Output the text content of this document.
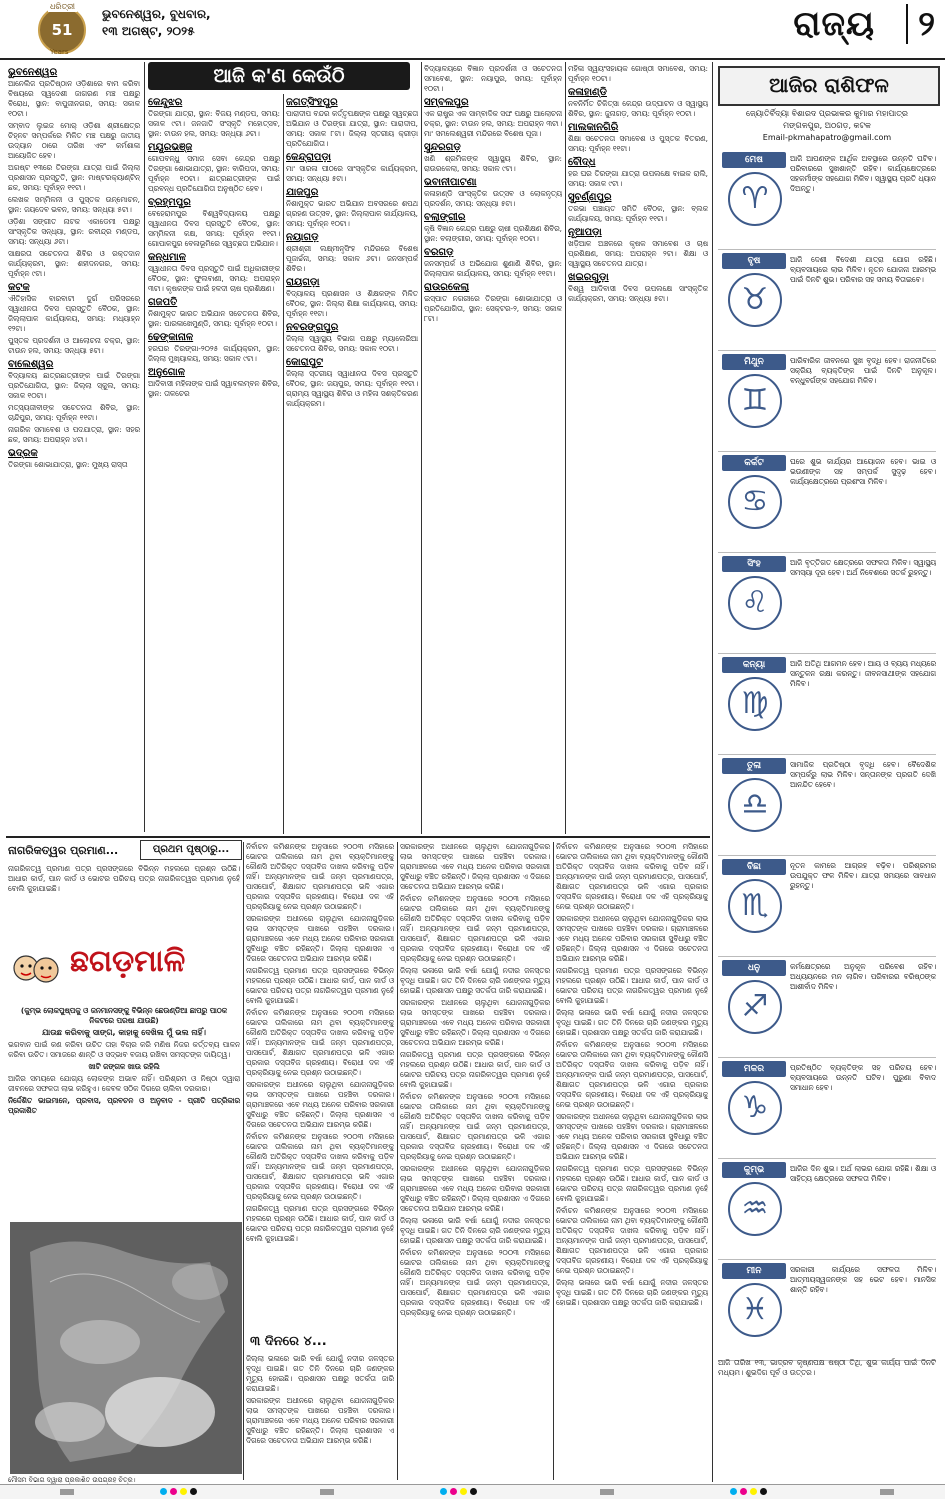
51
ଧରିତ୍ରୀ
Years
ଭୁବନେଶ୍ୱର, ବୁଧବାର,
୧୩ ଅଗଷ୍ଟ, ୨୦୨୫	ରାଜ୍ୟ	୨
ଆଜି କ'ଣ କେଉଁଠି
ଭୁବନେଶ୍ୱର

ଆନେଲିଜ ପ୍ରତିଷ୍ଠାନ ଓଡ଼ିଶାରେ ବାମ କରିବା ବିଷୟରେ ସ୍ୱଦେଶୀ ଜାଗରଣ ମଞ୍ଚ ପକ୍ଷରୁ ବିରୋଧ, ସ୍ଥାନ: ବାପୁଜୀନଗର, ସମୟ: ସକାଳ ୧୦ଟା।

ସମ୍ବାଦ ଲୁଇଜ ମୋର୍ ଓଡ଼ିଶା ଶ୍ରୀକ୍ଷେତ୍ର ଚିହ୍ନଟ ସମ୍ପର୍କରେ ମିଳିତ ମଞ୍ଚ ପକ୍ଷରୁ ଜାତୀୟ ଉଦ୍ୟାନ ଠାରେ ତାରିଖ ଏବଂ କର୍ମଶାଳା ଆୟୋଜିତ ହେବ।

ଅଗଷ୍ଟ ୧୩ରେ ତିରଙ୍ଗା ଯାତ୍ରା ପାଇଁ ଜିଲ୍ଲା ପ୍ରଶାସନ ପ୍ରସ୍ତୁତି, ସ୍ଥାନ: ମାଷ୍ଟରକ୍ୟାଣ୍ଟିନ୍ ଛକ, ସମୟ: ପୂର୍ବାହ୍ନ ୧୧ଟା।

ଲେଖକ ସମ୍ମିଳନୀ ଓ ପୁସ୍ତକ ଉନ୍ମୋଚନ, ସ୍ଥାନ: ଜୟଦେବ ଭବନ, ସମୟ: ସନ୍ଧ୍ୟା ୫ଟା।

ଓଡ଼ିଶା ସଙ୍ଗୀତ ନାଟକ ଏକାଡେମୀ ପକ୍ଷରୁ ସାଂସ୍କୃତିକ ସନ୍ଧ୍ୟା, ସ୍ଥାନ: ରବୀନ୍ଦ୍ର ମଣ୍ଡପ, ସମୟ: ସନ୍ଧ୍ୟା ୬ଟା।

ସାକ୍ଷରତା ସଚେତନତା ଶିବିର ଓ ରକ୍ତଦାନ କାର୍ଯ୍ୟକ୍ରମ, ସ୍ଥାନ: ଶହୀଦନଗର, ସମୟ: ପୂର୍ବାହ୍ନ ୯ଟା।

କଟକ

ଐତିହାସିକ ବାରବାଟୀ ଦୁର୍ଗ ପରିସରରେ ସ୍ୱାଧୀନତା ଦିବସ ପ୍ରସ୍ତୁତି ବୈଠକ, ସ୍ଥାନ: ଜିଲ୍ଲାପାଳ କାର୍ଯ୍ୟାଳୟ, ସମୟ: ମଧ୍ୟାହ୍ନ ୧୨ଟା।

ପୁସ୍ତକ ପ୍ରଦର୍ଶନୀ ଓ ଆଲୋଚନା ଚକ୍ର, ସ୍ଥାନ: ଟାଉନ ହଲ, ସମୟ: ସନ୍ଧ୍ୟା ୫ଟା।

ବାଲେଶ୍ୱର

ବିଦ୍ୟାଳୟ ଛାତ୍ରଛାତ୍ରୀଙ୍କ ପାଇଁ ତିରଙ୍ଗା ପ୍ରତିଯୋଗିତା, ସ୍ଥାନ: ଜିଲ୍ଲା ସ୍କୁଲ, ସମୟ: ସକାଳ ୧୦ଟା।

ମତ୍ସ୍ୟଜୀବୀଙ୍କ ସଚେତନତା ଶିବିର, ସ୍ଥାନ: ଚାନ୍ଦିପୁର, ସମୟ: ପୂର୍ବାହ୍ନ ୧୧ଟା।

ନାଗରିକ ସମାବେଶ ଓ ପଦଯାତ୍ରା, ସ୍ଥାନ: ସହର ଛକ, ସମୟ: ଅପରାହ୍ନ ୪ଟା।

ଭଦ୍ରକ

ତିରଙ୍ଗା ଶୋଭାଯାତ୍ରା, ସ୍ଥାନ: ମୁଖ୍ୟ ରାସ୍ତା

କେନ୍ଦୁଝର

ତିରଙ୍ଗା ଯାତ୍ରା, ସ୍ଥାନ: ବିଜୟ ମଣ୍ଡପ, ସମୟ: ସକାଳ ୯ଟା। ଜନଜାତି ସଂସ୍କୃତି ମହୋତ୍ସବ, ସ୍ଥାନ: ଟାଉନ ହଲ, ସମୟ: ସନ୍ଧ୍ୟା ୬ଟା।

ମୟୂରଭଞ୍ଜ

ଗୋପବନ୍ଧୁ ସମାଜ ସେବା କେନ୍ଦ୍ର ପକ୍ଷରୁ ତିରଙ୍ଗା ଶୋଭାଯାତ୍ରା, ସ୍ଥାନ: ବାରିପଦା, ସମୟ: ପୂର୍ବାହ୍ନ ୧୦ଟା। ଛାତ୍ରଛାତ୍ରୀଙ୍କ ପାଇଁ ପ୍ରବନ୍ଧ ପ୍ରତିଯୋଗିତା ଅନୁଷ୍ଠିତ ହେବ।

ବ୍ରହ୍ମପୁର

ବେହେରାମପୁର ବିଶ୍ୱବିଦ୍ୟାଳୟ ପକ୍ଷରୁ ସ୍ୱାଧୀନତା ଦିବସ ପ୍ରସ୍ତୁତି ବୈଠକ, ସ୍ଥାନ: ସମ୍ମିଳନୀ କକ୍ଷ, ସମୟ: ପୂର୍ବାହ୍ନ ୧୧ଟା। ଗୋପାଳପୁର ବେଳାଭୂମିରେ ସ୍ୱଚ୍ଛତା ଅଭିଯାନ।

କନ୍ଧମାଳ

ସ୍ୱାଧୀନତା ଦିବସ ପ୍ରସ୍ତୁତି ପାଇଁ ଅଧିକାରୀଙ୍କ ବୈଠକ, ସ୍ଥାନ: ଫୁଲବାଣୀ, ସମୟ: ଅପରାହ୍ନ ୩ଟା। କୃଷକଙ୍କ ପାଇଁ ହଳଦୀ ଚାଷ ପ୍ରଶିକ୍ଷଣ।

ଗଜପତି

ନିଶାମୁକ୍ତ ଭାରତ ଅଭିଯାନ ସଚେତନତା ଶିବିର, ସ୍ଥାନ: ପାରଳାଖେମୁଣ୍ଡି, ସମୟ: ପୂର୍ବାହ୍ନ ୧୦ଟା।

ଢେଙ୍କାନାଳ

ହରଘର ତିରଙ୍ଗା-୨୦୨୫ କାର୍ଯ୍ୟକ୍ରମ, ସ୍ଥାନ: ଜିଲ୍ଲା ମୁଖ୍ୟାଳୟ, ସମୟ: ସକାଳ ୯ଟା।

ଅନୁଗୋଳ

ଆଦିବାସୀ ମହିଳାଙ୍କ ପାଇଁ ସ୍ୱାବଲମ୍ବନ ଶିବିର, ସ୍ଥାନ: ତାଳଚେର

ଜଗତ୍‌ସିଂହପୁର

ପାରାଦୀପ ବନ୍ଦର କର୍ତ୍ତୃପକ୍ଷଙ୍କ ପକ୍ଷରୁ ସ୍ୱଚ୍ଛତା ଅଭିଯାନ ଓ ତିରଙ୍ଗା ଯାତ୍ରା, ସ୍ଥାନ: ପାରାଦୀପ, ସମୟ: ସକାଳ ୮ଟା। ଜିଲ୍ଲା ସ୍ତରୀୟ କ୍ରୀଡ଼ା ପ୍ରତିଯୋଗିତା।

କେନ୍ଦ୍ରାପଡ଼ା

ମା' ସାରଳା ପୀଠରେ ସାଂସ୍କୃତିକ କାର୍ଯ୍ୟକ୍ରମ, ସମୟ: ସନ୍ଧ୍ୟା ୫ଟା।

ଯାଜପୁର

ନିଶାମୁକ୍ତ ଭାରତ ଅଭିଯାନ ଅବସରରେ ଶପଥ ଗ୍ରହଣ ଉତ୍ସବ, ସ୍ଥାନ: ଜିଲ୍ଲାପାଳ କାର୍ଯ୍ୟାଳୟ, ସମୟ: ପୂର୍ବାହ୍ନ ୧୦ଟା।

ନୟାଗଡ଼

ଶ୍ରୀଶ୍ରୀ ଲକ୍ଷ୍ମୀନୃସିଂହ ମନ୍ଦିରରେ ବିଶେଷ ପୂଜାର୍ଚ୍ଚନା, ସମୟ: ସକାଳ ୬ଟା। ଜନସମ୍ପର୍କ ଶିବିର।

ରାୟଗଡ଼ା

ବିଦ୍ୟାଳୟ ପ୍ରଶାସନ ଓ ଶିକ୍ଷକଙ୍କ ମିଳିତ ବୈଠକ, ସ୍ଥାନ: ଜିଲ୍ଲା ଶିକ୍ଷା କାର୍ଯ୍ୟାଳୟ, ସମୟ: ପୂର୍ବାହ୍ନ ୧୧ଟା।

ନବରଙ୍ଗପୁର

ଜିଲ୍ଲା ସ୍ୱାସ୍ଥ୍ୟ ବିଭାଗ ପକ୍ଷରୁ ମ୍ୟାଲେରିଆ ସଚେତନତା ଶିବିର, ସମୟ: ସକାଳ ୧୦ଟା।

କୋରାପୁଟ

ଜିଲ୍ଲା ସ୍ତରୀୟ ସ୍ୱାଧୀନତା ଦିବସ ପ୍ରସ୍ତୁତି ବୈଠକ, ସ୍ଥାନ: ଜୟପୁର, ସମୟ: ପୂର୍ବାହ୍ନ ୧୧ଟା। ଗ୍ରାମ୍ୟ ସ୍ୱାସ୍ଥ୍ୟ ଶିବିର ଓ ମହିଳା ସଶକ୍ତିକରଣ କାର୍ଯ୍ୟକ୍ରମ।

ବିଦ୍ୟାଳୟରେ ବିଜ୍ଞାନ ପ୍ରଦର୍ଶନୀ ଓ ସଚେତନତା ସମାବେଶ, ସ୍ଥାନ: ନୟାପୁର, ସମୟ: ପୂର୍ବାହ୍ନ ୧୦ଟା।

ସମ୍ବଲପୁର

ଏକ ରାଷ୍ଟ୍ର ଏକ ସାମ୍ବାଦିକ ସଙ୍ଘ ପକ୍ଷରୁ ଆଲୋଚନା ଚକ୍ର, ସ୍ଥାନ: ଟାଉନ ହଲ, ସମୟ: ଅପରାହ୍ନ ୩ଟା। ମା' ସମଲେଶ୍ୱରୀ ମନ୍ଦିରରେ ବିଶେଷ ପୂଜା।

ସୁନ୍ଦରଗଡ଼

ଖଣି ଶ୍ରମିକଙ୍କ ସ୍ୱାସ୍ଥ୍ୟ ଶିବିର, ସ୍ଥାନ: ରାଉରକେଲା, ସମୟ: ସକାଳ ୯ଟା।

ଭବାନୀପାଟଣା

କଳାହାଣ୍ଡି ସାଂସ୍କୃତିକ ଉତ୍ସବ ଓ ଲୋକନୃତ୍ୟ ପ୍ରଦର୍ଶନ, ସମୟ: ସନ୍ଧ୍ୟା ୫ଟା।

ବଲାଙ୍ଗୀର

କୃଷି ବିଜ୍ଞାନ କେନ୍ଦ୍ର ପକ୍ଷରୁ ଚାଷୀ ପ୍ରଶିକ୍ଷଣ ଶିବିର, ସ୍ଥାନ: ବଲାଙ୍ଗୀର, ସମୟ: ପୂର୍ବାହ୍ନ ୧୦ଟା।

ବରଗଡ଼

ଜନସମ୍ପର୍କ ଓ ଅଭିଯୋଗ ଶୁଣାଣି ଶିବିର, ସ୍ଥାନ: ଜିଲ୍ଲାପାଳ କାର୍ଯ୍ୟାଳୟ, ସମୟ: ପୂର୍ବାହ୍ନ ୧୧ଟା।

ରାଉରକେଲା

ଇସ୍ପାତ ନଗରୀରେ ତିରଙ୍ଗା ଶୋଭାଯାତ୍ରା ଓ ପ୍ରତିଯୋଗିତା, ସ୍ଥାନ: ସେକ୍ଟର-୨, ସମୟ: ସକାଳ ୮ଟା।

ମହିଳା ସ୍ୱୟଂସହାୟକ ଗୋଷ୍ଠୀ ସମାବେଶ, ସମୟ: ପୂର୍ବାହ୍ନ ୧୦ଟା।

କଳାହାଣ୍ଡି

ନବନିର୍ମିତ ଚିକିତ୍ସା କେନ୍ଦ୍ର ଉଦ୍‌ଘାଟନ ଓ ସ୍ୱାସ୍ଥ୍ୟ ଶିବିର, ସ୍ଥାନ: ଜୁନାଗଡ଼, ସମୟ: ପୂର୍ବାହ୍ନ ୧୦ଟା।

ମାଲକାନଗିରି

ଶିକ୍ଷା ସଚେତନତା ସମାବେଶ ଓ ପୁସ୍ତକ ବିତରଣ, ସମୟ: ପୂର୍ବାହ୍ନ ୧୧ଟା।

ବୌଦ୍ଧ

ହର ଘର ତିରଙ୍ଗା ଯାତ୍ରା ଉପଲକ୍ଷେ ବାଇକ ରାଲି, ସମୟ: ସକାଳ ୯ଟା।

ସୁବର୍ଣ୍ଣପୁର

ତରଭା ପଞ୍ଚାୟତ ସମିତି ବୈଠକ, ସ୍ଥାନ: ବ୍ଲକ କାର୍ଯ୍ୟାଳୟ, ସମୟ: ପୂର୍ବାହ୍ନ ୧୧ଟା।

ନୂଆପଡ଼ା

ଖଡ଼ିଆଳ ଅଞ୍ଚଳରେ କୃଷକ ସମାବେଶ ଓ ଚାଷ ପ୍ରଶିକ୍ଷଣ, ସମୟ: ଅପରାହ୍ନ ୨ଟା। ଶିକ୍ଷା ଓ ସ୍ୱାସ୍ଥ୍ୟ ସଚେତନତା ଯାତ୍ରା।

ଖଇରଗୁଡ଼ା

ବିଶ୍ୱ ଆଦିବାସୀ ଦିବସ ଉପଲକ୍ଷେ ସାଂସ୍କୃତିକ କାର୍ଯ୍ୟକ୍ରମ, ସମୟ: ସନ୍ଧ୍ୟା ୫ଟା।

ଆଜିର ରାଶିଫଳ
ଜ୍ୟୋତିର୍ବିଦ୍ୟା ବିଶାରଦ ପ୍ରଭାକର କୁମାର ମହାପାତ୍ର
ମଙ୍ଗଳପୁର, ଅଠଗଡ଼, କଟକ
Email-pkmahapatro@gmail.com
ମେଷ
♈
ଆଜି ଆପଣଙ୍କ ଆର୍ଥିକ ଅବସ୍ଥାରେ ଉନ୍ନତି ଘଟିବ। ପରିବାରରେ ସୁଖଶାନ୍ତି ରହିବ। କାର୍ଯ୍ୟକ୍ଷେତ୍ରରେ ସହକର୍ମୀଙ୍କ ସହଯୋଗ ମିଳିବ। ସ୍ୱାସ୍ଥ୍ୟ ପ୍ରତି ଧ୍ୟାନ ଦିଅନ୍ତୁ।
ବୃଷ
♉
ଆଜି ଦେଶୀ ବିଦେଶୀ ଯାତ୍ରା ଯୋଗ ରହିଛି। ବ୍ୟବସାୟରେ ଲାଭ ମିଳିବ। ନୂତନ ଯୋଜନା ଆରମ୍ଭ ପାଇଁ ଦିନଟି ଶୁଭ। ପରିବାର ସହ ସମୟ ବିତାଇବେ।
ମିଥୁନ
♊
ପାରିବାରିକ ଜୀବନରେ ସୁଖ ବୃଦ୍ଧି ହେବ। ରାଜନୀତିରେ ସକ୍ରିୟ ବ୍ୟକ୍ତିଙ୍କ ପାଇଁ ଦିନଟି ଅନୁକୂଳ। ବନ୍ଧୁବର୍ଗଙ୍କ ସହଯୋଗ ମିଳିବ।
କର୍କଟ
♋
ଘରେ ଶୁଭ କାର୍ଯ୍ୟର ଆୟୋଜନ ହେବ। ଭାଇ ଓ ଭଉଣୀଙ୍କ ସହ ସମ୍ପର୍କ ସୁଦୃଢ଼ ହେବ। କାର୍ଯ୍ୟକ୍ଷେତ୍ରରେ ପ୍ରଶଂସା ମିଳିବ।
ସିଂହ
♌
ଆଜି ବୃତ୍ତିଗତ କ୍ଷେତ୍ରରେ ସଫଳତା ମିଳିବ। ସ୍ୱାସ୍ଥ୍ୟ ସମସ୍ୟା ଦୂର ହେବ। ଅର୍ଥ ନିବେଶରେ ସତର୍କ ରୁହନ୍ତୁ।
କନ୍ୟା
♍
ଆଜି ଅତିଥି ଆଗମନ ହେବ। ଆୟ ଓ ବ୍ୟୟ ମଧ୍ୟରେ ସନ୍ତୁଳନ ରକ୍ଷା କରନ୍ତୁ। ଜୀବନସାଥୀଙ୍କ ସହଯୋଗ ମିଳିବ।
ତୁଳା
♎
ସାମାଜିକ ପ୍ରତିଷ୍ଠା ବୃଦ୍ଧି ହେବ। ବୈଦେଶିକ ସମ୍ପର୍କରୁ ଲାଭ ମିଳିବ। ସନ୍ତାନଙ୍କ ପ୍ରଗତି ଦେଖି ଆନନ୍ଦିତ ହେବେ।
ବିଛା
♏
ନୂତନ କାମରେ ଆଗ୍ରହ ବଢ଼ିବ। ପରିଶ୍ରମର ଉପଯୁକ୍ତ ଫଳ ମିଳିବ। ଯାତ୍ରା ସମୟରେ ସାବଧାନ ରୁହନ୍ତୁ।
ଧନୁ
♐
କର୍ମକ୍ଷେତ୍ରରେ ଅନୁକୂଳ ପରିବେଶ ରହିବ। ଅଧ୍ୟୟନରେ ମନ ଲାଗିବ। ପରିବାରର ବରିଷ୍ଠଙ୍କ ଆଶୀର୍ବାଦ ମିଳିବ।
ମକର
♑
ପ୍ରତିଷ୍ଠିତ ବ୍ୟକ୍ତିଙ୍କ ସହ ପରିଚୟ ହେବ। ବ୍ୟବସାୟରେ ଉନ୍ନତି ଘଟିବ। ପୁରୁଣା ବିବାଦ ସମାଧାନ ହେବ।
କୁମ୍ଭ
♒
ଆଜିର ଦିନ ଶୁଭ। ଅର୍ଥ ଲାଭର ଯୋଗ ରହିଛି। ଶିକ୍ଷା ଓ ସାହିତ୍ୟ କ୍ଷେତ୍ରରେ ସଫଳତା ମିଳିବ।
ମୀନ
♓
ସରକାରୀ କାର୍ଯ୍ୟରେ ସଫଳତା ମିଳିବ। ଆତ୍ମୀୟସ୍ୱଜନଙ୍କ ସହ ଭେଟ ହେବ। ମାନସିକ ଶାନ୍ତି ରହିବ।

ଆଜି ତାରିଖ ୧୩, ଭାଦ୍ରବ କୃଷ୍ଣପକ୍ଷ ଷଷ୍ଠୀ ତିଥି, ଶୁଭ କାର୍ଯ୍ୟ ପାଇଁ ଦିନଟି ମଧ୍ୟମ। ଶୁଭଦିଗ ପୂର୍ବ ଓ ଉତ୍ତର।

ନାଗରିକତ୍ୱର ପ୍ରମାଣ...	ପ୍ରଥମ ପୃଷ୍ଠାରୁ...

ନାଗରିକତ୍ୱ ପ୍ରମାଣ ପତ୍ର ପ୍ରସଙ୍ଗରେ ବିଭିନ୍ନ ମହଲରେ ପ୍ରଶ୍ନ ଉଠିଛି। ଆଧାର କାର୍ଡ, ପାନ କାର୍ଡ ଓ ଭୋଟର ପରିଚୟ ପତ୍ର ନାଗରିକତ୍ୱର ପ୍ରମାଣ ନୁହେଁ ବୋଲି କୁହାଯାଇଛି।

ଛଗଡ଼ମାଳି

(କୁମ୍ଭ ଲୋକପୁଷ୍ପକୁ ଓ ଜନମାନସଙ୍କୁ ବିଭିନ୍ନ ଛେଉଣ୍ଡିଆ ଛାପରୁ ପାଠକ ନିକଟରେ ପରଷା ଯାଉଛି)

ଯାଉଛ କରିବାକୁ ସାଙ୍ଗ, କାହାକୁ ଦେଖିଲ ମୁଁ ଭଲ ନାହିଁ।

ଭଗବାନ ପାଇଁ କଣ କରିବା ଉଚିତ ତାହା ବିଚାର କରି ମଣିଷ ନିଜର କର୍ତ୍ତବ୍ୟ ପାଳନ କରିବା ଉଚିତ। ସମାଜରେ ଶାନ୍ତି ଓ ସଦ୍‌ଭାବ ବଜାୟ ରଖିବା ସମସ୍ତଙ୍କ ଦାୟିତ୍ୱ।

ଖାଟି ଜଙ୍ଗଳ ଖାଉ ରହିଲି

ଆଜିର ସମୟରେ ଯୋଗ୍ୟ ଲୋକଙ୍କ ଅଭାବ ନାହିଁ। ପରିଶ୍ରମ ଓ ନିଷ୍ଠା ଦ୍ୱାରା ଜୀବନରେ ସଫଳତା ଲାଭ କରିହୁଏ। କେବଳ ସଠିକ ଦିଗରେ ଚାଲିବା ଦରକାର।

ନିର୍ଦ୍ଦେଶିତ ଭାଇମାନେ, ପ୍ରବାସ, ପ୍ରବଚନ ଓ ଅନୁବାଦ - ପ୍ରୀତି ପତ୍ରିକାର ପ୍ରକାଶିତ

ମୌସମ ବିଭାଗ ଦ୍ୱାରା ପ୍ରକାଶିତ ଉପଗ୍ରହ ଚିତ୍ର।

ନିର୍ବାଚନ କମିଶନଙ୍କ ଅନୁସାରେ ୨୦୦୩ ମସିହାରେ ଭୋଟର ତାଲିକାରେ ନାମ ଥିବା ବ୍ୟକ୍ତିମାନଙ୍କୁ କୌଣସି ଅତିରିକ୍ତ ଦସ୍ତାବିଜ ଦାଖଲ କରିବାକୁ ପଡ଼ିବ ନାହିଁ। ଅନ୍ୟମାନଙ୍କ ପାଇଁ ଜନ୍ମ ପ୍ରମାଣପତ୍ର, ପାସପୋର୍ଟ, ଶିକ୍ଷାଗତ ପ୍ରମାଣପତ୍ର ଭଳି ଏଗାର ପ୍ରକାର ଦସ୍ତାବିଜ ଗ୍ରହଣୀୟ। ବିରୋଧୀ ଦଳ ଏହି ପ୍ରକ୍ରିୟାକୁ ନେଇ ପ୍ରଶ୍ନ ଉଠାଇଛନ୍ତି।

ସରକାରଙ୍କ ଅଧୀନରେ ଚାଲୁଥିବା ଯୋଜନାଗୁଡ଼ିକର ଲାଭ ସମସ୍ତଙ୍କ ପାଖରେ ପହଞ୍ଚିବା ଦରକାର। ଗ୍ରାମାଞ୍ଚଳରେ ଏବେ ମଧ୍ୟ ଅନେକ ପରିବାର ସରକାରୀ ସୁବିଧାରୁ ବଞ୍ଚିତ ରହିଛନ୍ତି। ଜିଲ୍ଲା ପ୍ରଶାସନ ଏ ଦିଗରେ ସଚେତନତା ଅଭିଯାନ ଆରମ୍ଭ କରିଛି।

ନାଗରିକତ୍ୱ ପ୍ରମାଣ ପତ୍ର ପ୍ରସଙ୍ଗରେ ବିଭିନ୍ନ ମହଲରେ ପ୍ରଶ୍ନ ଉଠିଛି। ଆଧାର କାର୍ଡ, ପାନ କାର୍ଡ ଓ ଭୋଟର ପରିଚୟ ପତ୍ର ନାଗରିକତ୍ୱର ପ୍ରମାଣ ନୁହେଁ ବୋଲି କୁହାଯାଇଛି।

ନିର୍ବାଚନ କମିଶନଙ୍କ ଅନୁସାରେ ୨୦୦୩ ମସିହାରେ ଭୋଟର ତାଲିକାରେ ନାମ ଥିବା ବ୍ୟକ୍ତିମାନଙ୍କୁ କୌଣସି ଅତିରିକ୍ତ ଦସ୍ତାବିଜ ଦାଖଲ କରିବାକୁ ପଡ଼ିବ ନାହିଁ। ଅନ୍ୟମାନଙ୍କ ପାଇଁ ଜନ୍ମ ପ୍ରମାଣପତ୍ର, ପାସପୋର୍ଟ, ଶିକ୍ଷାଗତ ପ୍ରମାଣପତ୍ର ଭଳି ଏଗାର ପ୍ରକାର ଦସ୍ତାବିଜ ଗ୍ରହଣୀୟ। ବିରୋଧୀ ଦଳ ଏହି ପ୍ରକ୍ରିୟାକୁ ନେଇ ପ୍ରଶ୍ନ ଉଠାଇଛନ୍ତି।

ସରକାରଙ୍କ ଅଧୀନରେ ଚାଲୁଥିବା ଯୋଜନାଗୁଡ଼ିକର ଲାଭ ସମସ୍ତଙ୍କ ପାଖରେ ପହଞ୍ଚିବା ଦରକାର। ଗ୍ରାମାଞ୍ଚଳରେ ଏବେ ମଧ୍ୟ ଅନେକ ପରିବାର ସରକାରୀ ସୁବିଧାରୁ ବଞ୍ଚିତ ରହିଛନ୍ତି। ଜିଲ୍ଲା ପ୍ରଶାସନ ଏ ଦିଗରେ ସଚେତନତା ଅଭିଯାନ ଆରମ୍ଭ କରିଛି।

ନିର୍ବାଚନ କମିଶନଙ୍କ ଅନୁସାରେ ୨୦୦୩ ମସିହାରେ ଭୋଟର ତାଲିକାରେ ନାମ ଥିବା ବ୍ୟକ୍ତିମାନଙ୍କୁ କୌଣସି ଅତିରିକ୍ତ ଦସ୍ତାବିଜ ଦାଖଲ କରିବାକୁ ପଡ଼ିବ ନାହିଁ। ଅନ୍ୟମାନଙ୍କ ପାଇଁ ଜନ୍ମ ପ୍ରମାଣପତ୍ର, ପାସପୋର୍ଟ, ଶିକ୍ଷାଗତ ପ୍ରମାଣପତ୍ର ଭଳି ଏଗାର ପ୍ରକାର ଦସ୍ତାବିଜ ଗ୍ରହଣୀୟ। ବିରୋଧୀ ଦଳ ଏହି ପ୍ରକ୍ରିୟାକୁ ନେଇ ପ୍ରଶ୍ନ ଉଠାଇଛନ୍ତି।

ନାଗରିକତ୍ୱ ପ୍ରମାଣ ପତ୍ର ପ୍ରସଙ୍ଗରେ ବିଭିନ୍ନ ମହଲରେ ପ୍ରଶ୍ନ ଉଠିଛି। ଆଧାର କାର୍ଡ, ପାନ କାର୍ଡ ଓ ଭୋଟର ପରିଚୟ ପତ୍ର ନାଗରିକତ୍ୱର ପ୍ରମାଣ ନୁହେଁ ବୋଲି କୁହାଯାଇଛି।

୩ ଦିନରେ ୪...

ଜିଲ୍ଲା ଭଳାରେ ଭାରି ବର୍ଷା ଯୋଗୁଁ ନଦୀର ଜଳସ୍ତର ବୃଦ୍ଧି ପାଇଛି। ଗତ ତିନି ଦିନରେ ଚାରି ଜଣଙ୍କର ମୃତ୍ୟୁ ହୋଇଛି। ପ୍ରଶାସନ ପକ୍ଷରୁ ସତର୍କତା ଜାରି କରାଯାଇଛି।

ସରକାରଙ୍କ ଅଧୀନରେ ଚାଲୁଥିବା ଯୋଜନାଗୁଡ଼ିକର ଲାଭ ସମସ୍ତଙ୍କ ପାଖରେ ପହଞ୍ଚିବା ଦରକାର। ଗ୍ରାମାଞ୍ଚଳରେ ଏବେ ମଧ୍ୟ ଅନେକ ପରିବାର ସରକାରୀ ସୁବିଧାରୁ ବଞ୍ଚିତ ରହିଛନ୍ତି। ଜିଲ୍ଲା ପ୍ରଶାସନ ଏ ଦିଗରେ ସଚେତନତା ଅଭିଯାନ ଆରମ୍ଭ କରିଛି।

ସରକାରଙ୍କ ଅଧୀନରେ ଚାଲୁଥିବା ଯୋଜନାଗୁଡ଼ିକର ଲାଭ ସମସ୍ତଙ୍କ ପାଖରେ ପହଞ୍ଚିବା ଦରକାର। ଗ୍ରାମାଞ୍ଚଳରେ ଏବେ ମଧ୍ୟ ଅନେକ ପରିବାର ସରକାରୀ ସୁବିଧାରୁ ବଞ୍ଚିତ ରହିଛନ୍ତି। ଜିଲ୍ଲା ପ୍ରଶାସନ ଏ ଦିଗରେ ସଚେତନତା ଅଭିଯାନ ଆରମ୍ଭ କରିଛି।

ନିର୍ବାଚନ କମିଶନଙ୍କ ଅନୁସାରେ ୨୦୦୩ ମସିହାରେ ଭୋଟର ତାଲିକାରେ ନାମ ଥିବା ବ୍ୟକ୍ତିମାନଙ୍କୁ କୌଣସି ଅତିରିକ୍ତ ଦସ୍ତାବିଜ ଦାଖଲ କରିବାକୁ ପଡ଼ିବ ନାହିଁ। ଅନ୍ୟମାନଙ୍କ ପାଇଁ ଜନ୍ମ ପ୍ରମାଣପତ୍ର, ପାସପୋର୍ଟ, ଶିକ୍ଷାଗତ ପ୍ରମାଣପତ୍ର ଭଳି ଏଗାର ପ୍ରକାର ଦସ୍ତାବିଜ ଗ୍ରହଣୀୟ। ବିରୋଧୀ ଦଳ ଏହି ପ୍ରକ୍ରିୟାକୁ ନେଇ ପ୍ରଶ୍ନ ଉଠାଇଛନ୍ତି।

ଜିଲ୍ଲା ଭଳାରେ ଭାରି ବର୍ଷା ଯୋଗୁଁ ନଦୀର ଜଳସ୍ତର ବୃଦ୍ଧି ପାଇଛି। ଗତ ତିନି ଦିନରେ ଚାରି ଜଣଙ୍କର ମୃତ୍ୟୁ ହୋଇଛି। ପ୍ରଶାସନ ପକ୍ଷରୁ ସତର୍କତା ଜାରି କରାଯାଇଛି।

ସରକାରଙ୍କ ଅଧୀନରେ ଚାଲୁଥିବା ଯୋଜନାଗୁଡ଼ିକର ଲାଭ ସମସ୍ତଙ୍କ ପାଖରେ ପହଞ୍ଚିବା ଦରକାର। ଗ୍ରାମାଞ୍ଚଳରେ ଏବେ ମଧ୍ୟ ଅନେକ ପରିବାର ସରକାରୀ ସୁବିଧାରୁ ବଞ୍ଚିତ ରହିଛନ୍ତି। ଜିଲ୍ଲା ପ୍ରଶାସନ ଏ ଦିଗରେ ସଚେତନତା ଅଭିଯାନ ଆରମ୍ଭ କରିଛି।

ନାଗରିକତ୍ୱ ପ୍ରମାଣ ପତ୍ର ପ୍ରସଙ୍ଗରେ ବିଭିନ୍ନ ମହଲରେ ପ୍ରଶ୍ନ ଉଠିଛି। ଆଧାର କାର୍ଡ, ପାନ କାର୍ଡ ଓ ଭୋଟର ପରିଚୟ ପତ୍ର ନାଗରିକତ୍ୱର ପ୍ରମାଣ ନୁହେଁ ବୋଲି କୁହାଯାଇଛି।

ନିର୍ବାଚନ କମିଶନଙ୍କ ଅନୁସାରେ ୨୦୦୩ ମସିହାରେ ଭୋଟର ତାଲିକାରେ ନାମ ଥିବା ବ୍ୟକ୍ତିମାନଙ୍କୁ କୌଣସି ଅତିରିକ୍ତ ଦସ୍ତାବିଜ ଦାଖଲ କରିବାକୁ ପଡ଼ିବ ନାହିଁ। ଅନ୍ୟମାନଙ୍କ ପାଇଁ ଜନ୍ମ ପ୍ରମାଣପତ୍ର, ପାସପୋର୍ଟ, ଶିକ୍ଷାଗତ ପ୍ରମାଣପତ୍ର ଭଳି ଏଗାର ପ୍ରକାର ଦସ୍ତାବିଜ ଗ୍ରହଣୀୟ। ବିରୋଧୀ ଦଳ ଏହି ପ୍ରକ୍ରିୟାକୁ ନେଇ ପ୍ରଶ୍ନ ଉଠାଇଛନ୍ତି।

ସରକାରଙ୍କ ଅଧୀନରେ ଚାଲୁଥିବା ଯୋଜନାଗୁଡ଼ିକର ଲାଭ ସମସ୍ତଙ୍କ ପାଖରେ ପହଞ୍ଚିବା ଦରକାର। ଗ୍ରାମାଞ୍ଚଳରେ ଏବେ ମଧ୍ୟ ଅନେକ ପରିବାର ସରକାରୀ ସୁବିଧାରୁ ବଞ୍ଚିତ ରହିଛନ୍ତି। ଜିଲ୍ଲା ପ୍ରଶାସନ ଏ ଦିଗରେ ସଚେତନତା ଅଭିଯାନ ଆରମ୍ଭ କରିଛି।

ଜିଲ୍ଲା ଭଳାରେ ଭାରି ବର୍ଷା ଯୋଗୁଁ ନଦୀର ଜଳସ୍ତର ବୃଦ୍ଧି ପାଇଛି। ଗତ ତିନି ଦିନରେ ଚାରି ଜଣଙ୍କର ମୃତ୍ୟୁ ହୋଇଛି। ପ୍ରଶାସନ ପକ୍ଷରୁ ସତର୍କତା ଜାରି କରାଯାଇଛି।

ନିର୍ବାଚନ କମିଶନଙ୍କ ଅନୁସାରେ ୨୦୦୩ ମସିହାରେ ଭୋଟର ତାଲିକାରେ ନାମ ଥିବା ବ୍ୟକ୍ତିମାନଙ୍କୁ କୌଣସି ଅତିରିକ୍ତ ଦସ୍ତାବିଜ ଦାଖଲ କରିବାକୁ ପଡ଼ିବ ନାହିଁ। ଅନ୍ୟମାନଙ୍କ ପାଇଁ ଜନ୍ମ ପ୍ରମାଣପତ୍ର, ପାସପୋର୍ଟ, ଶିକ୍ଷାଗତ ପ୍ରମାଣପତ୍ର ଭଳି ଏଗାର ପ୍ରକାର ଦସ୍ତାବିଜ ଗ୍ରହଣୀୟ। ବିରୋଧୀ ଦଳ ଏହି ପ୍ରକ୍ରିୟାକୁ ନେଇ ପ୍ରଶ୍ନ ଉଠାଇଛନ୍ତି।

ନିର୍ବାଚନ କମିଶନଙ୍କ ଅନୁସାରେ ୨୦୦୩ ମସିହାରେ ଭୋଟର ତାଲିକାରେ ନାମ ଥିବା ବ୍ୟକ୍ତିମାନଙ୍କୁ କୌଣସି ଅତିରିକ୍ତ ଦସ୍ତାବିଜ ଦାଖଲ କରିବାକୁ ପଡ଼ିବ ନାହିଁ। ଅନ୍ୟମାନଙ୍କ ପାଇଁ ଜନ୍ମ ପ୍ରମାଣପତ୍ର, ପାସପୋର୍ଟ, ଶିକ୍ଷାଗତ ପ୍ରମାଣପତ୍ର ଭଳି ଏଗାର ପ୍ରକାର ଦସ୍ତାବିଜ ଗ୍ରହଣୀୟ। ବିରୋଧୀ ଦଳ ଏହି ପ୍ରକ୍ରିୟାକୁ ନେଇ ପ୍ରଶ୍ନ ଉଠାଇଛନ୍ତି।

ସରକାରଙ୍କ ଅଧୀନରେ ଚାଲୁଥିବା ଯୋଜନାଗୁଡ଼ିକର ଲାଭ ସମସ୍ତଙ୍କ ପାଖରେ ପହଞ୍ଚିବା ଦରକାର। ଗ୍ରାମାଞ୍ଚଳରେ ଏବେ ମଧ୍ୟ ଅନେକ ପରିବାର ସରକାରୀ ସୁବିଧାରୁ ବଞ୍ଚିତ ରହିଛନ୍ତି। ଜିଲ୍ଲା ପ୍ରଶାସନ ଏ ଦିଗରେ ସଚେତନତା ଅଭିଯାନ ଆରମ୍ଭ କରିଛି।

ନାଗରିକତ୍ୱ ପ୍ରମାଣ ପତ୍ର ପ୍ରସଙ୍ଗରେ ବିଭିନ୍ନ ମହଲରେ ପ୍ରଶ୍ନ ଉଠିଛି। ଆଧାର କାର୍ଡ, ପାନ କାର୍ଡ ଓ ଭୋଟର ପରିଚୟ ପତ୍ର ନାଗରିକତ୍ୱର ପ୍ରମାଣ ନୁହେଁ ବୋଲି କୁହାଯାଇଛି।

ଜିଲ୍ଲା ଭଳାରେ ଭାରି ବର୍ଷା ଯୋଗୁଁ ନଦୀର ଜଳସ୍ତର ବୃଦ୍ଧି ପାଇଛି। ଗତ ତିନି ଦିନରେ ଚାରି ଜଣଙ୍କର ମୃତ୍ୟୁ ହୋଇଛି। ପ୍ରଶାସନ ପକ୍ଷରୁ ସତର୍କତା ଜାରି କରାଯାଇଛି।

ନିର୍ବାଚନ କମିଶନଙ୍କ ଅନୁସାରେ ୨୦୦୩ ମସିହାରେ ଭୋଟର ତାଲିକାରେ ନାମ ଥିବା ବ୍ୟକ୍ତିମାନଙ୍କୁ କୌଣସି ଅତିରିକ୍ତ ଦସ୍ତାବିଜ ଦାଖଲ କରିବାକୁ ପଡ଼ିବ ନାହିଁ। ଅନ୍ୟମାନଙ୍କ ପାଇଁ ଜନ୍ମ ପ୍ରମାଣପତ୍ର, ପାସପୋର୍ଟ, ଶିକ୍ଷାଗତ ପ୍ରମାଣପତ୍ର ଭଳି ଏଗାର ପ୍ରକାର ଦସ୍ତାବିଜ ଗ୍ରହଣୀୟ। ବିରୋଧୀ ଦଳ ଏହି ପ୍ରକ୍ରିୟାକୁ ନେଇ ପ୍ରଶ୍ନ ଉଠାଇଛନ୍ତି।

ସରକାରଙ୍କ ଅଧୀନରେ ଚାଲୁଥିବା ଯୋଜନାଗୁଡ଼ିକର ଲାଭ ସମସ୍ତଙ୍କ ପାଖରେ ପହଞ୍ଚିବା ଦରକାର। ଗ୍ରାମାଞ୍ଚଳରେ ଏବେ ମଧ୍ୟ ଅନେକ ପରିବାର ସରକାରୀ ସୁବିଧାରୁ ବଞ୍ଚିତ ରହିଛନ୍ତି। ଜିଲ୍ଲା ପ୍ରଶାସନ ଏ ଦିଗରେ ସଚେତନତା ଅଭିଯାନ ଆରମ୍ଭ କରିଛି।

ନାଗରିକତ୍ୱ ପ୍ରମାଣ ପତ୍ର ପ୍ରସଙ୍ଗରେ ବିଭିନ୍ନ ମହଲରେ ପ୍ରଶ୍ନ ଉଠିଛି। ଆଧାର କାର୍ଡ, ପାନ କାର୍ଡ ଓ ଭୋଟର ପରିଚୟ ପତ୍ର ନାଗରିକତ୍ୱର ପ୍ରମାଣ ନୁହେଁ ବୋଲି କୁହାଯାଇଛି।

ନିର୍ବାଚନ କମିଶନଙ୍କ ଅନୁସାରେ ୨୦୦୩ ମସିହାରେ ଭୋଟର ତାଲିକାରେ ନାମ ଥିବା ବ୍ୟକ୍ତିମାନଙ୍କୁ କୌଣସି ଅତିରିକ୍ତ ଦସ୍ତାବିଜ ଦାଖଲ କରିବାକୁ ପଡ଼ିବ ନାହିଁ। ଅନ୍ୟମାନଙ୍କ ପାଇଁ ଜନ୍ମ ପ୍ରମାଣପତ୍ର, ପାସପୋର୍ଟ, ଶିକ୍ଷାଗତ ପ୍ରମାଣପତ୍ର ଭଳି ଏଗାର ପ୍ରକାର ଦସ୍ତାବିଜ ଗ୍ରହଣୀୟ। ବିରୋଧୀ ଦଳ ଏହି ପ୍ରକ୍ରିୟାକୁ ନେଇ ପ୍ରଶ୍ନ ଉଠାଇଛନ୍ତି।

ଜିଲ୍ଲା ଭଳାରେ ଭାରି ବର୍ଷା ଯୋଗୁଁ ନଦୀର ଜଳସ୍ତର ବୃଦ୍ଧି ପାଇଛି। ଗତ ତିନି ଦିନରେ ଚାରି ଜଣଙ୍କର ମୃତ୍ୟୁ ହୋଇଛି। ପ୍ରଶାସନ ପକ୍ଷରୁ ସତର୍କତା ଜାରି କରାଯାଇଛି।
